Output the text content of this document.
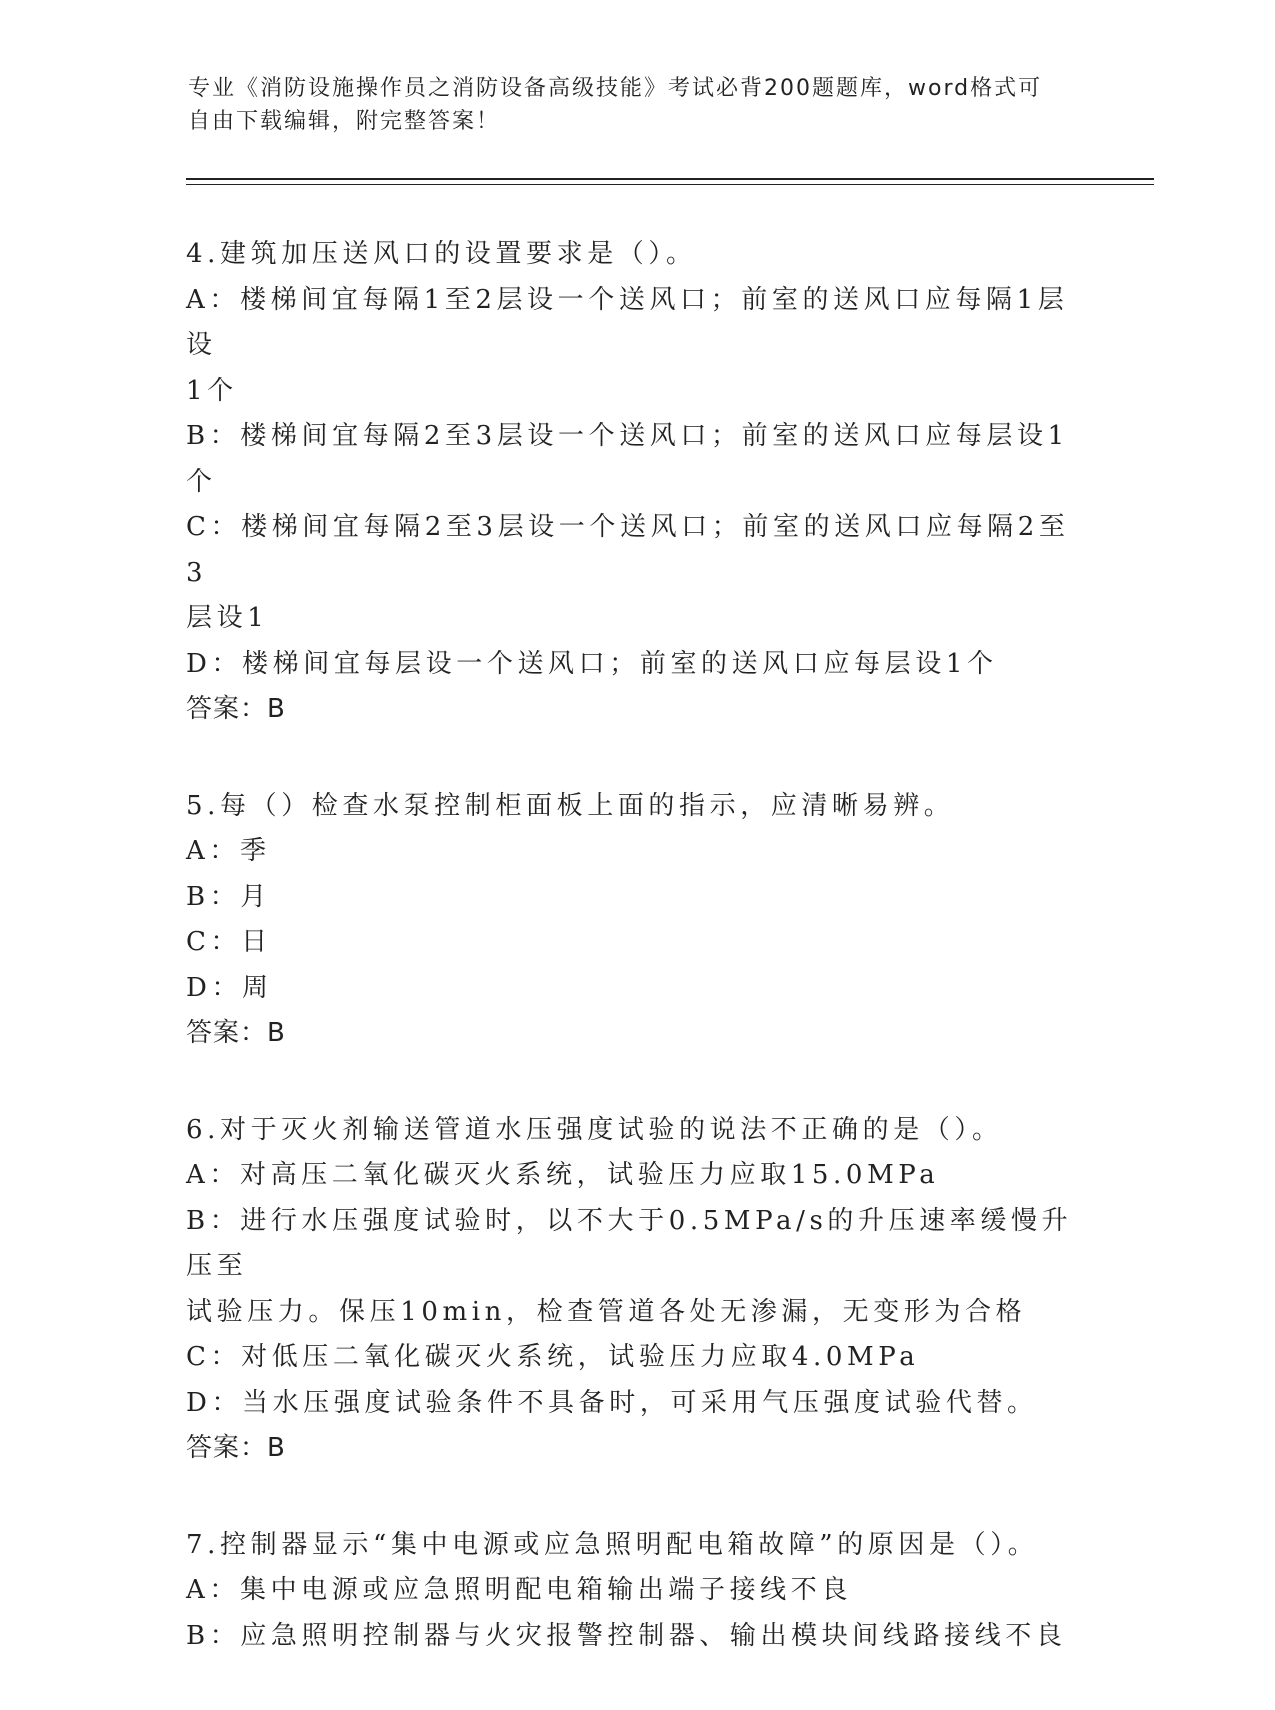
专业《消防设施操作员之消防设备高级技能》考试必背200题题库，word格式可
自由下载编辑，附完整答案！
4.建筑加压送风口的设置要求是（）。
A：楼梯间宜每隔1至2层设一个送风口；前室的送风口应每隔1层设
1个
B：楼梯间宜每隔2至3层设一个送风口；前室的送风口应每层设1个
C：楼梯间宜每隔2至3层设一个送风口；前室的送风口应每隔2至3
层设1
D：楼梯间宜每层设一个送风口；前室的送风口应每层设1个
答案：B
5.每（）检查水泵控制柜面板上面的指示，应清晰易辨。
A：季
B：月
C：日
D：周
答案：B
6.对于灭火剂输送管道水压强度试验的说法不正确的是（）。
A：对高压二氧化碳灭火系统，试验压力应取15.0MPa
B：进行水压强度试验时，以不大于0.5MPa/s的升压速率缓慢升压至
试验压力。保压10min，检查管道各处无渗漏，无变形为合格
C：对低压二氧化碳灭火系统，试验压力应取4.0MPa
D：当水压强度试验条件不具备时，可采用气压强度试验代替。
答案：B
7.控制器显示“集中电源或应急照明配电箱故障”的原因是（）。
A：集中电源或应急照明配电箱输出端子接线不良
B：应急照明控制器与火灾报警控制器、输出模块间线路接线不良
